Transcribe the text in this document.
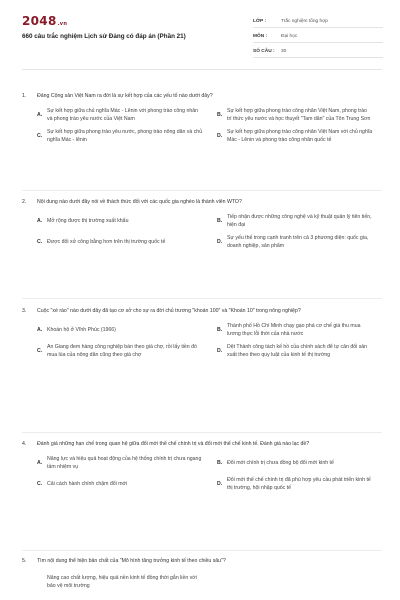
2048.vn
660 câu trắc nghiệm Lịch sử Đảng có đáp án (Phần 21)
LỚP :	Trắc nghiệm tổng hợp
MÔN :	Đại học
SỐ CÂU :	30
1.	Đảng Cộng sản Việt Nam ra đời là sự kết hợp của các yếu tố nào dưới đây?
A.
Sự kết hợp giữa chủ nghĩa Mác - Lênin với phong trào công nhân và phong trào yêu nước của Việt Nam
B.
Sự kết hợp giữa phong trào công nhân Việt Nam, phong trào trí thức yêu nước và học thuyết "Tam dân" của Tôn Trung Sơn
C.
Sự kết hợp giữa phong trào yêu nước, phong trào nông dân và chủ nghĩa Mác - lênin
D.
Sự kết hợp giữa phong trào công nhân Việt Nam với chủ nghĩa Mác - Lênin và phong trào công nhân quốc tế
2.	Nội dung nào dưới đây nói về thách thức đối với các quốc gia nghèo là thành viên WTO?
A. Mở rộng được thị trường xuất khẩu	B.
Tiếp nhận được những công nghệ và kỹ thuật quản lý tiên tiến, hiện đại
C. Được đối xử công bằng hơn trên thị trường quốc tế	D.
Sự yếu thế trong cạnh tranh trên cả 3 phương diện: quốc gia, doanh nghiệp, sản phẩm
3.	Cuộc "xé rào" nào dưới đây đã tạo cơ sở cho sự ra đời chủ trương "khoán 100" và "Khoán 10" trong nông nghiệp?
A. Khoán hộ ở Vĩnh Phúc (1966)	B.
Thành phố Hồ Chí Minh chạy gạo phá cơ chế giá thu mua lương thực lỗi thời của nhà nước
C.
An Giang đem hàng công nghiệp bán theo giá chợ, rồi lấy tiền đó mua lúa của nông dân cũng theo giá chợ
D.
Dệt Thành công tách kế hồ của chính sách để tự cân đối sản xuất theo theo quy luật của kinh tế thị trường
4.	Đánh giá những hạn chế trong quan hệ giữa đổi mới thể chế chính trị và đổi mới thể chế kinh tế. Đánh giá nào lạc đề?
A.
Năng lực và hiệu quả hoạt động của hệ thống chính trị chưa ngang tầm nhiệm vụ
B. Đổi mới chính trị chưa đồng bộ đổi mới kinh tế
C. Cải cách hành chính chậm đổi mới	D.
Đổi mới thể chế chính trị đã phù hợp yêu cầu phát triển kinh tế thị trường, hội nhập quốc tế
5.	Tìm nội dung thể hiện bản chất của "Mô hình tăng trưởng kinh tế theo chiều sâu"?
Nâng cao chất lượng, hiệu quả nền kinh tế đồng thời gắn liền với bảo vệ môi trường
